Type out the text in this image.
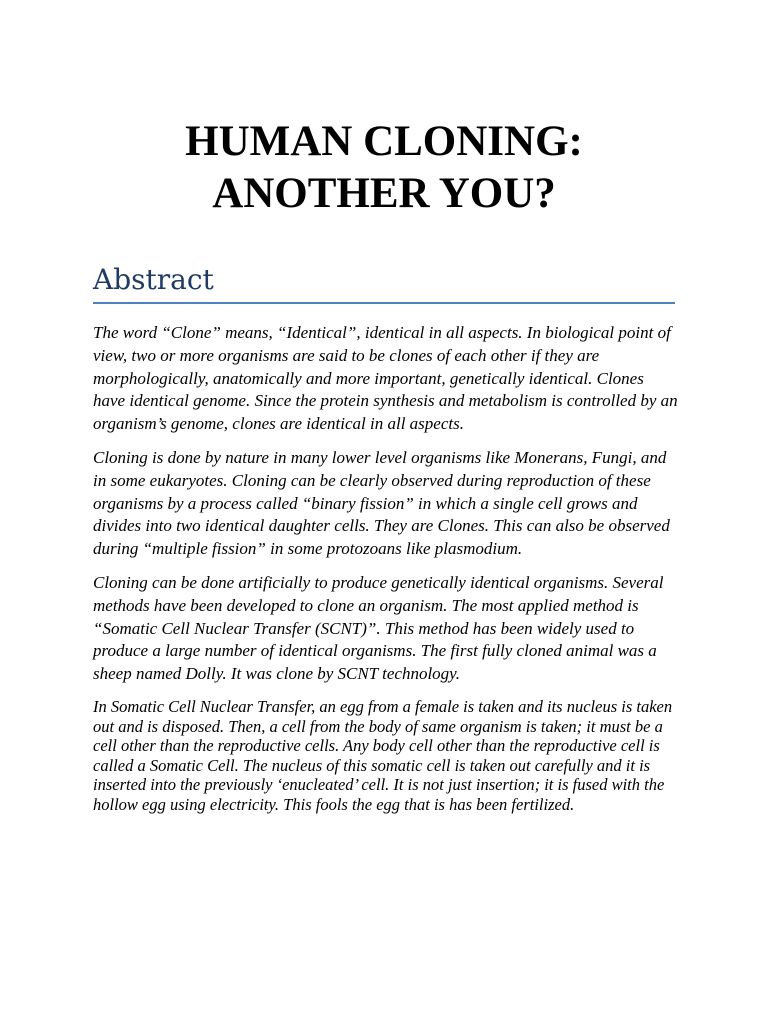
HUMAN CLONING:
ANOTHER YOU?
Abstract

The word “Clone” means, “Identical”, identical in all aspects. In biological point of view, two or more organisms are said to be clones of each other if they are morphologically, anatomically and more important, genetically identical. Clones have identical genome. Since the protein synthesis and metabolism is controlled by an organism’s genome, clones are identical in all aspects.

Cloning is done by nature in many lower level organisms like Monerans, Fungi, and in some eukaryotes. Cloning can be clearly observed during reproduction of these organisms by a process called “binary fission” in which a single cell grows and divides into two identical daughter cells. They are Clones. This can also be observed during “multiple fission” in some protozoans like plasmodium.

Cloning can be done artificially to produce genetically identical organisms. Several methods have been developed to clone an organism. The most applied method is “Somatic Cell Nuclear Transfer (SCNT)”. This method has been widely used to produce a large number of identical organisms. The first fully cloned animal was a sheep named Dolly. It was clone by SCNT technology.

In Somatic Cell Nuclear Transfer, an egg from a female is taken and its nucleus is taken out and is disposed. Then, a cell from the body of same organism is taken; it must be a cell other than the reproductive cells. Any body cell other than the reproductive cell is called a Somatic Cell. The nucleus of this somatic cell is taken out carefully and it is inserted into the previously ‘enucleated’ cell. It is not just insertion; it is fused with the hollow egg using electricity. This fools the egg that is has been fertilized.
